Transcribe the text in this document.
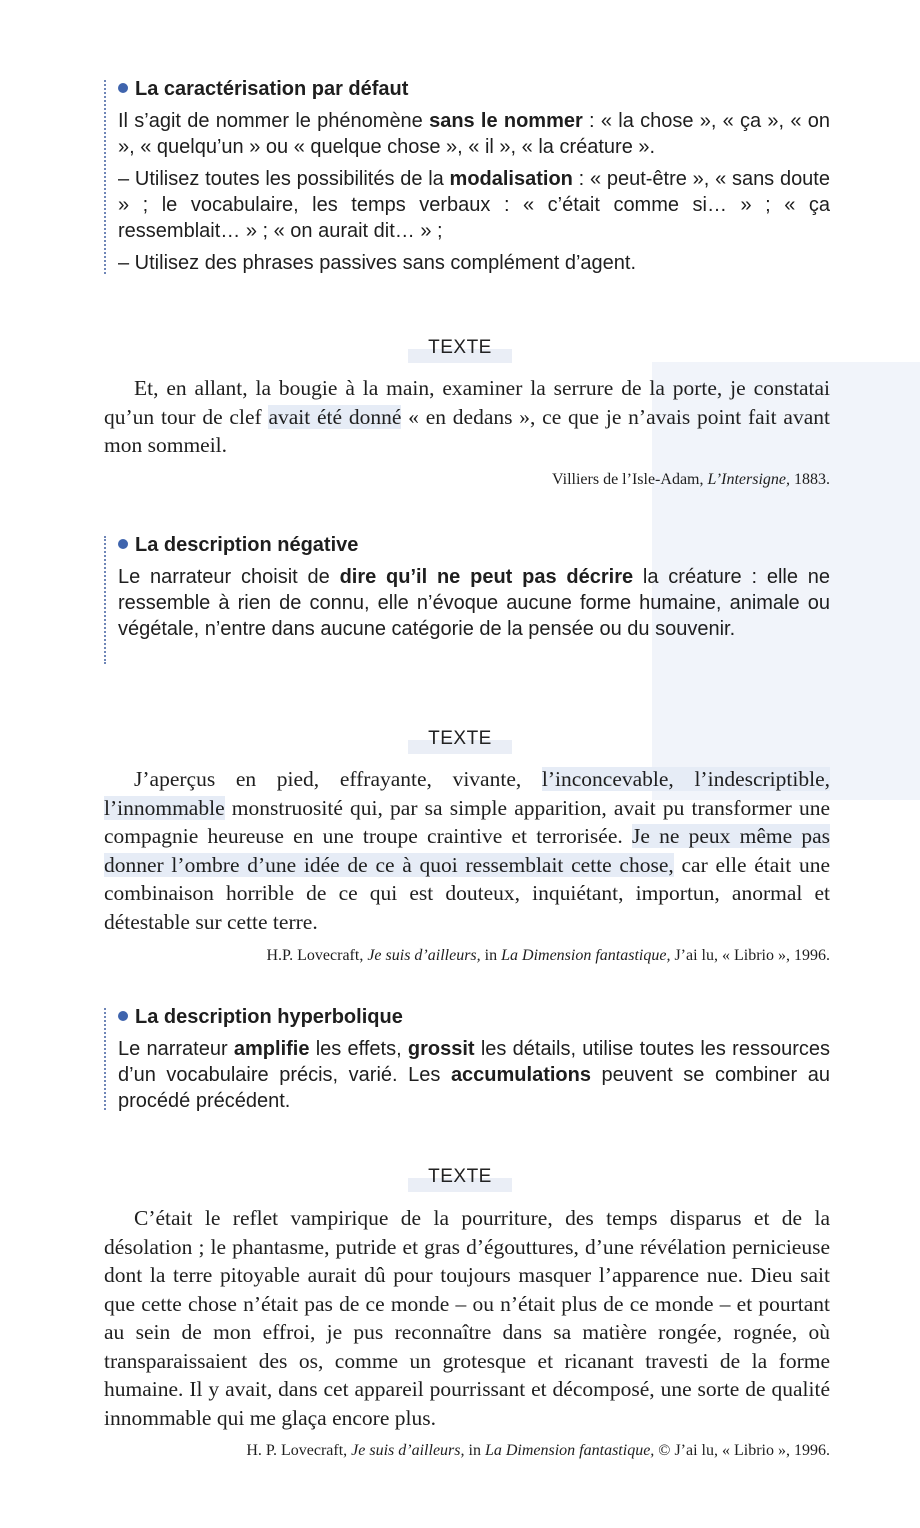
La caractérisation par défaut

Il s’agit de nommer le phénomène sans le nommer : « la chose », « ça », « on », « quelqu’un » ou « quelque chose », « il », « la créature ».

– Utilisez toutes les possibilités de la modalisation : « peut-être », « sans doute » ; le vocabulaire, les temps verbaux : « c’était comme si… » ; « ça ressemblait… » ; « on aurait dit… » ;

– Utilisez des phrases passives sans complément d’agent.

TEXTE

Et, en allant, la bougie à la main, examiner la serrure de la porte, je constatai qu’un tour de clef avait été donné « en dedans », ce que je n’avais point fait avant mon sommeil.

Villiers de l’Isle-Adam, L’Intersigne, 1883.

La description négative

Le narrateur choisit de dire qu’il ne peut pas décrire la créature : elle ne ressemble à rien de connu, elle n’évoque aucune forme humaine, animale ou végétale, n’entre dans aucune catégorie de la pensée ou du souvenir.

TEXTE

J’aperçus en pied, effrayante, vivante, l’inconcevable, l’indescriptible, l’innommable monstruosité qui, par sa simple apparition, avait pu transformer une compagnie heureuse en une troupe craintive et terrorisée. Je ne peux même pas donner l’ombre d’une idée de ce à quoi ressemblait cette chose, car elle était une combinaison horrible de ce qui est douteux, inquiétant, importun, anormal et détestable sur cette terre.

H.P. Lovecraft, Je suis d’ailleurs, in La Dimension fantastique, J’ai lu, « Librio », 1996.

La description hyperbolique

Le narrateur amplifie les effets, grossit les détails, utilise toutes les ressources d’un vocabulaire précis, varié. Les accumulations peuvent se combiner au procédé précédent.

TEXTE

C’était le reflet vampirique de la pourriture, des temps disparus et de la désolation ; le phantasme, putride et gras d’égouttures, d’une révélation pernicieuse dont la terre pitoyable aurait dû pour toujours masquer l’apparence nue. Dieu sait que cette chose n’était pas de ce monde – ou n’était plus de ce monde – et pourtant au sein de mon effroi, je pus reconnaître dans sa matière rongée, rognée, où transparaissaient des os, comme un grotesque et ricanant travesti de la forme humaine. Il y avait, dans cet appareil pourrissant et décomposé, une sorte de qualité innommable qui me glaça encore plus.

H. P. Lovecraft, Je suis d’ailleurs, in La Dimension fantastique, © J’ai lu, « Librio », 1996.
